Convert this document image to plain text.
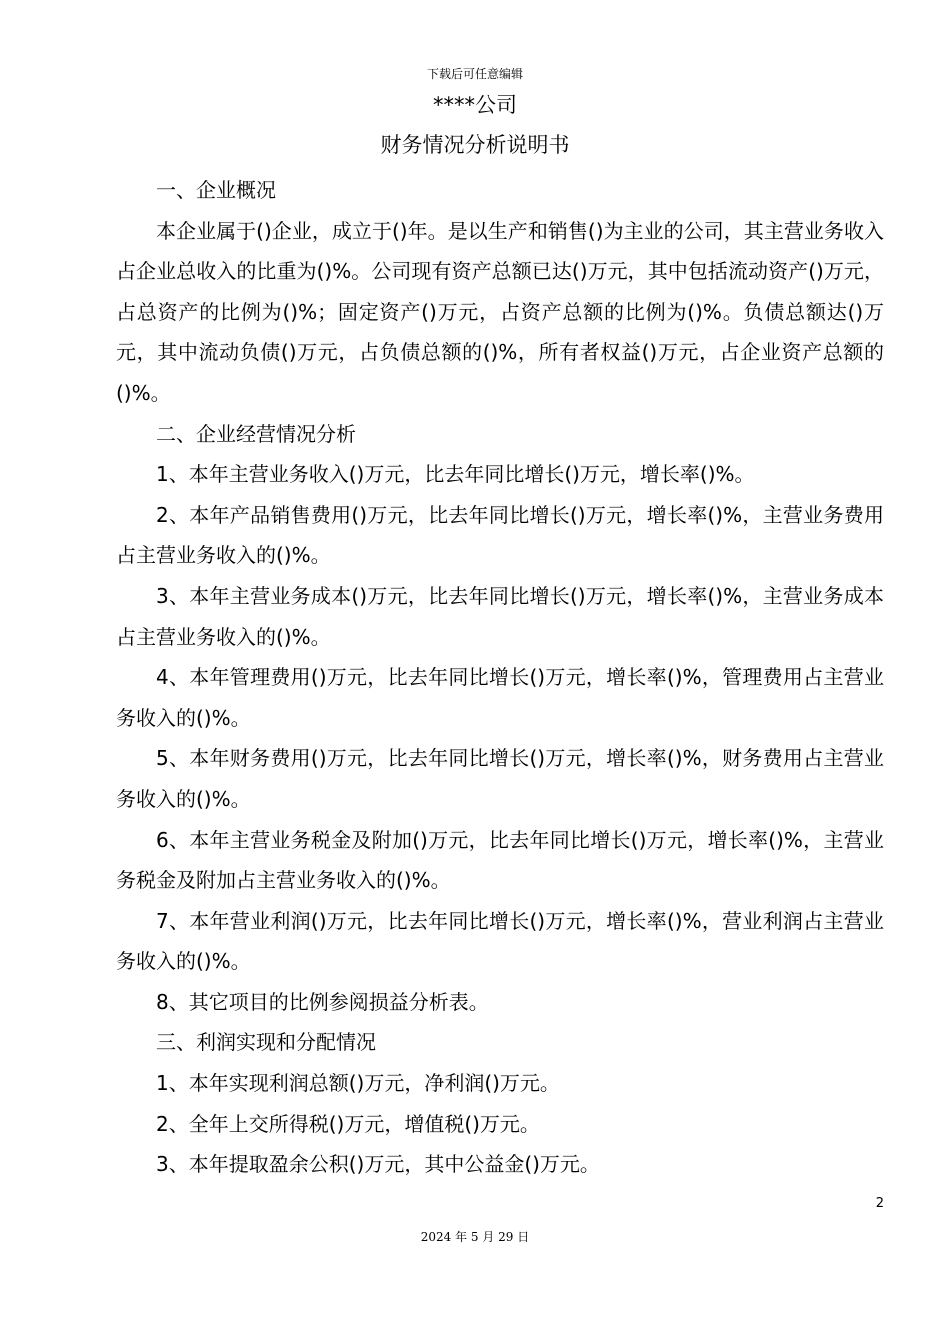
下载后可任意编辑
****公司
财务情况分析说明书

一、企业概况

本企业属于()企业，成立于()年。是以生产和销售()为主业的公司，其主营业务收入占企业总收入的比重为()%。公司现有资产总额已达()万元，其中包括流动资产()万元，占总资产的比例为()%；固定资产()万元，占资产总额的比例为()%。负债总额达()万元，其中流动负债()万元，占负债总额的()%，所有者权益()万元，占企业资产总额的()%。

二、企业经营情况分析

1、本年主营业务收入()万元，比去年同比增长()万元，增长率()%。

2、本年产品销售费用()万元，比去年同比增长()万元，增长率()%，主营业务费用占主营业务收入的()%。

3、本年主营业务成本()万元，比去年同比增长()万元，增长率()%，主营业务成本占主营业务收入的()%。

4、本年管理费用()万元，比去年同比增长()万元，增长率()%，管理费用占主营业务收入的()%。

5、本年财务费用()万元，比去年同比增长()万元，增长率()%，财务费用占主营业务收入的()%。

6、本年主营业务税金及附加()万元，比去年同比增长()万元，增长率()%，主营业务税金及附加占主营业务收入的()%。

7、本年营业利润()万元，比去年同比增长()万元，增长率()%，营业利润占主营业务收入的()%。

8、其它项目的比例参阅损益分析表。

三、利润实现和分配情况

1、本年实现利润总额()万元，净利润()万元。

2、全年上交所得税()万元，增值税()万元。

3、本年提取盈余公积()万元，其中公益金()万元。

2
2024 年 5 月 29 日
